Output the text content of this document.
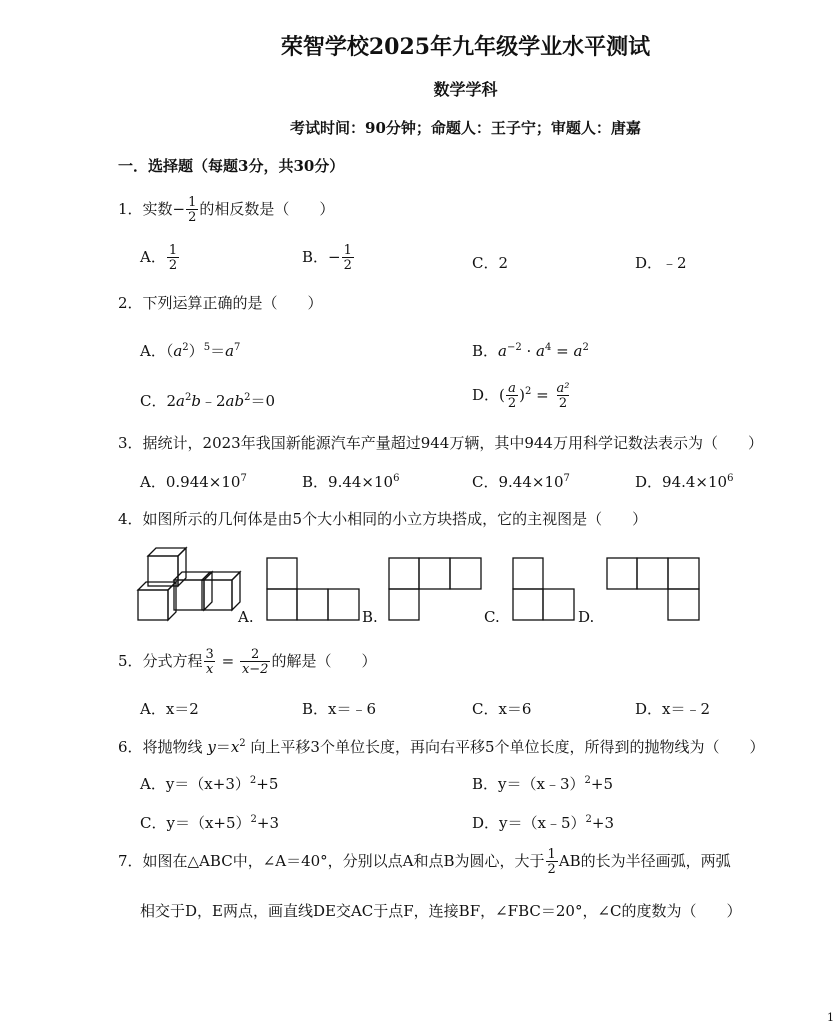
荣智学校2025年九年级学业水平测试
数学学科
考试时间：90分钟；命题人：王子宁；审题人：唐嘉
一．选择题（每题3分，共30分）
1．实数− $\frac{1}{2}$ 的相反数是（　　）
A． $\frac{1}{2}$	B．− $\frac{1}{2}$	C．2	D．﹣2
2．下列运算正确的是（　　）
A．$(a^2)^5=a^7$	B．$a^{-2} \cdot a^4 = a^2$
C．$2a^2b﹣2ab^2=0$	D．( $\frac{a}{2} )^2 = \frac{\text{a²}}{2}$
3．据统计，2023年我国新能源汽车产量超过944万辆，其中944万用科学记数法表示为（　　）
A．$0.944\times 10^7$	B．$9.44\times 10^6$	C．$9.44\times 10^7$	D．$94.4\times 10^6$
4．如图所示的几何体是由5个大小相同的小立方块搭成，它的主视图是（　　）
A.	B.	C.	D.
5．分式方程 $\frac{3}{x} = \frac{2}{x-2}$ 的解是（　　）
A．x＝2	B．x＝﹣6	C．x＝6	D．x＝﹣2
6．将抛物线 $y=x^2$ 向上平移3个单位长度，再向右平移5个单位长度，所得到的抛物线为（　　）
A．$y=(x+3)^2+5$	B．y＝（x﹣3）$^2$+5
C．$y=(x+5)^2+3$	D．y＝（x﹣5）$^2$+3
7．如图在△ABC中，∠A＝40°，分别以点A和点B为圆心，大于 $\frac{1}{2}$ AB的长为半径画弧，两弧
相交于D，E两点，画直线DE交AC于点F，连接BF，∠FBC＝20°，∠C的度数为（　　）
1
